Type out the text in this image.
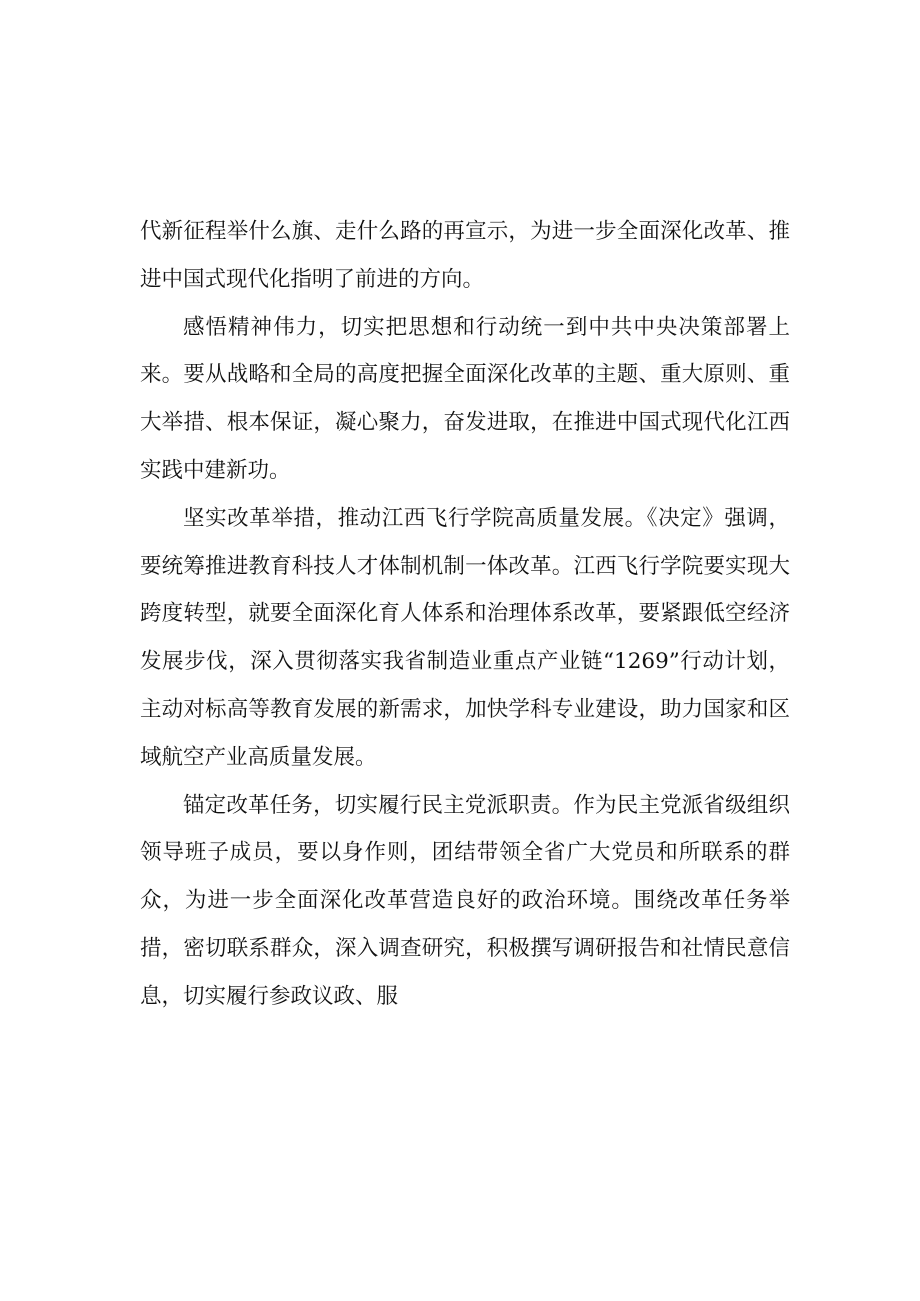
代新征程举什么旗、走什么路的再宣示，为进一步全面深化改革、推进中国式现代化指明了前进的方向。

感悟精神伟力，切实把思想和行动统一到中共中央决策部署上来。要从战略和全局的高度把握全面深化改革的主题、重大原则、重大举措、根本保证，凝心聚力，奋发进取，在推进中国式现代化江西实践中建新功。

坚实改革举措，推动江西飞行学院高质量发展。《决定》强调，要统筹推进教育科技人才体制机制一体改革。江西飞行学院要实现大跨度转型，就要全面深化育人体系和治理体系改革，要紧跟低空经济发展步伐，深入贯彻落实我省制造业重点产业链“1269”行动计划，主动对标高等教育发展的新需求，加快学科专业建设，助力国家和区域航空产业高质量发展。

锚定改革任务，切实履行民主党派职责。作为民主党派省级组织领导班子成员，要以身作则，团结带领全省广大党员和所联系的群众，为进一步全面深化改革营造良好的政治环境。围绕改革任务举措，密切联系群众，深入调查研究，积极撰写调研报告和社情民意信息，切实履行参政议政、服
